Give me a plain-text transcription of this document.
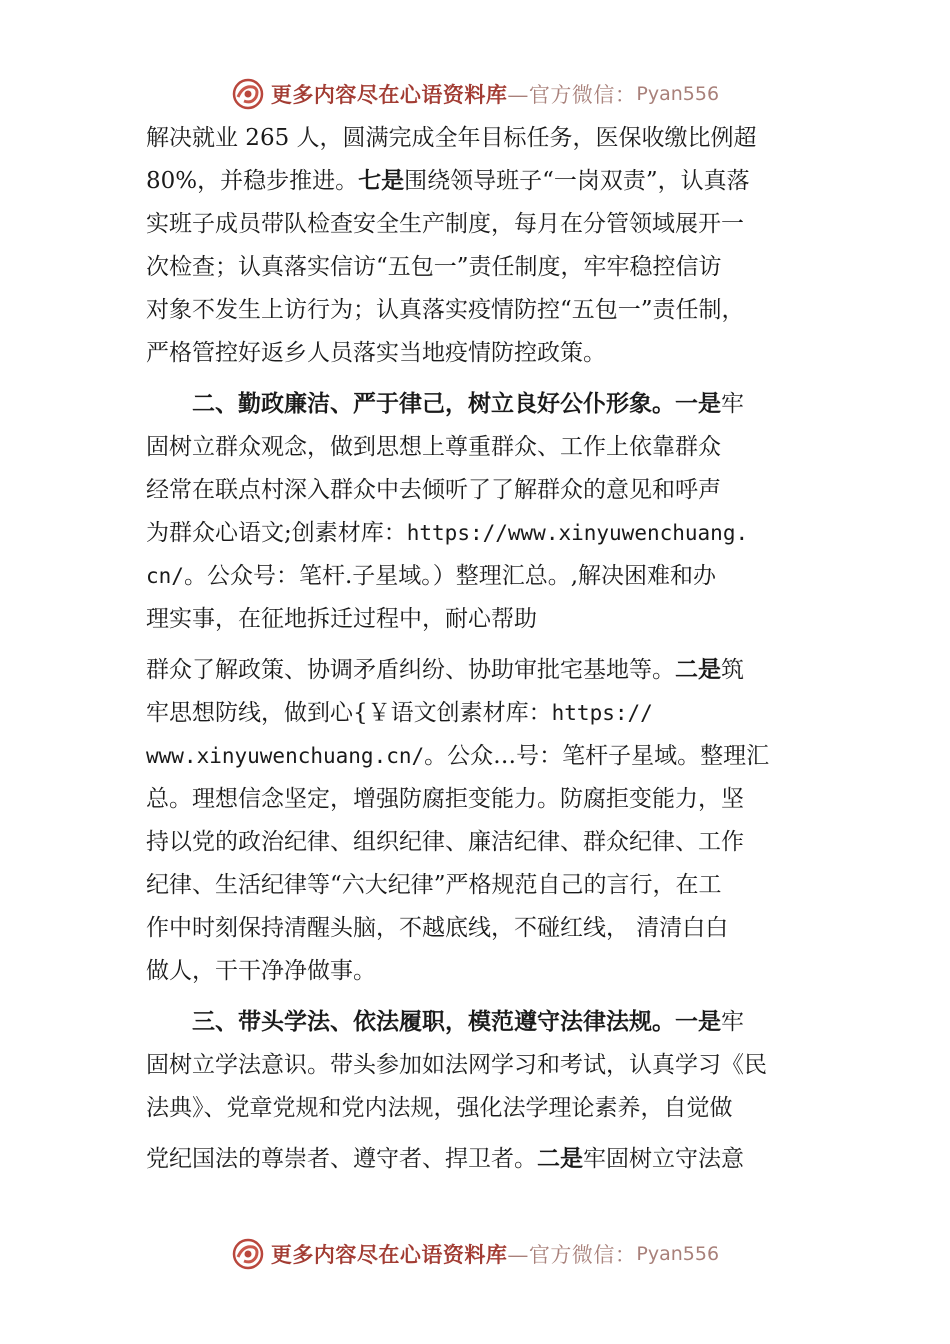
更多内容尽在心语资料库 —官方微信： Pyan556
解决就业 265 人，圆满完成全年目标任务，医保收缴比例超
80%，并稳步推进。七是围绕领导班子“一岗双责”，认真落
实班子成员带队检查安全生产制度，每月在分管领域展开一
次检查；认真落实信访“五包一”责任制度，牢牢稳控信访
对象不发生上访行为；认真落实疫情防控“五包一”责任制，
严格管控好返乡人员落实当地疫情防控政策。
二、勤政廉洁、严于律己，树立良好公仆形象。一是牢
固树立群众观念，做到思想上尊重群众、工作上依靠群众
经常在联点村深入群众中去倾听了了解群众的意见和呼声
为群众心语文;创素材库：https://www.xinyuwenchuang.
cn/。公众号：笔杆.子星域。）整理汇总。,解决困难和办
理实事，在征地拆迁过程中，耐心帮助
群众了解政策、协调矛盾纠纷、协助审批宅基地等。二是筑
牢思想防线，做到心{￥语文创素材库：https://
www.xinyuwenchuang.cn/。公众…号：笔杆子星域。整理汇
总。理想信念坚定，增强防腐拒变能力。防腐拒变能力，坚
持以党的政治纪律、组织纪律、廉洁纪律、群众纪律、工作
纪律、生活纪律等“六大纪律”严格规范自己的言行，在工
作中时刻保持清醒头脑，不越底线，不碰红线， 清清白白
做人，干干净净做事。
三、带头学法、依法履职，模范遵守法律法规。一是牢
固树立学法意识。带头参加如法网学习和考试，认真学习《民
法典》、党章党规和党内法规，强化法学理论素养，自觉做
党纪国法的尊崇者、遵守者、捍卫者。二是牢固树立守法意
更多内容尽在心语资料库 —官方微信： Pyan556
